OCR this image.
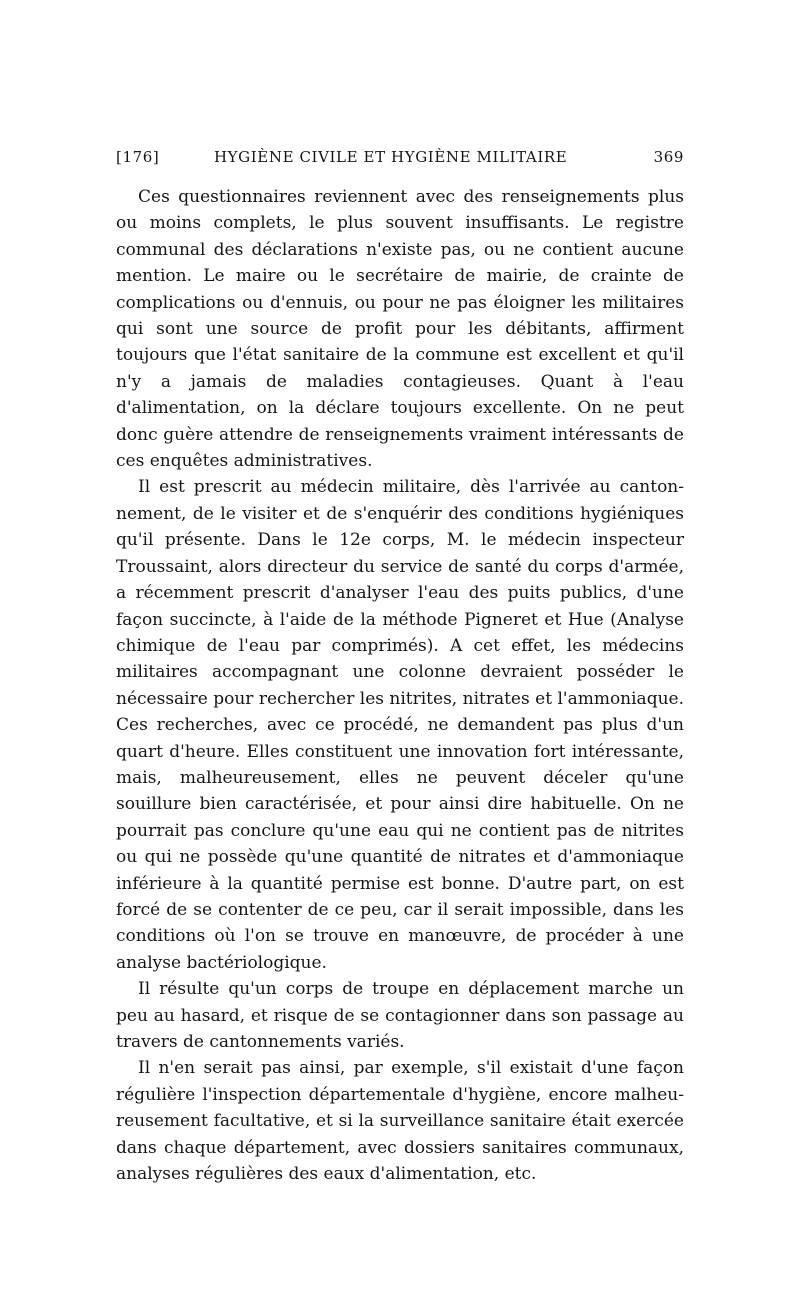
[176]	HYGIÈNE CIVILE ET HYGIÈNE MILITAIRE	369

Ces questionnaires reviennent avec des renseignements plus ou moins complets, le plus souvent insuffisants. Le registre communal des déclarations n'existe pas, ou ne contient aucune mention. Le maire ou le secrétaire de mairie, de crainte de complications ou d'ennuis, ou pour ne pas éloigner les militaires qui sont une source de profit pour les débitants, affirment toujours que l'état sanitaire de la commune est excellent et qu'il n'y a jamais de maladies contagieuses. Quant à l'eau d'alimentation, on la déclare toujours excellente. On ne peut donc guère attendre de renseignements vraiment intéressants de ces enquêtes administratives.

Il est prescrit au médecin militaire, dès l'arrivée au cantonnement, de le visiter et de s'enquérir des conditions hygiéniques qu'il présente. Dans le 12e corps, M. le médecin inspecteur Troussaint, alors directeur du service de santé du corps d'armée, a récemment prescrit d'analyser l'eau des puits publics, d'une façon succincte, à l'aide de la méthode Pigneret et Hue (Analyse chimique de l'eau par comprimés). A cet effet, les médecins militaires accompagnant une colonne devraient posséder le nécessaire pour rechercher les nitrites, nitrates et l'ammoniaque. Ces recherches, avec ce procédé, ne demandent pas plus d'un quart d'heure. Elles constituent une innovation fort intéressante, mais, malheureusement, elles ne peuvent déceler qu'une souillure bien caractérisée, et pour ainsi dire habituelle. On ne pourrait pas conclure qu'une eau qui ne contient pas de nitrites ou qui ne possède qu'une quantité de nitrates et d'ammoniaque inférieure à la quantité permise est bonne. D'autre part, on est forcé de se contenter de ce peu, car il serait impossible, dans les conditions où l'on se trouve en manœuvre, de procéder à une analyse bactériologique.

Il résulte qu'un corps de troupe en déplacement marche un peu au hasard, et risque de se contagionner dans son passage au travers de cantonnements variés.

Il n'en serait pas ainsi, par exemple, s'il existait d'une façon régulière l'inspection départementale d'hygiène, encore malheureusement facultative, et si la surveillance sanitaire était exercée dans chaque département, avec dossiers sanitaires communaux, analyses régulières des eaux d'alimentation, etc.
